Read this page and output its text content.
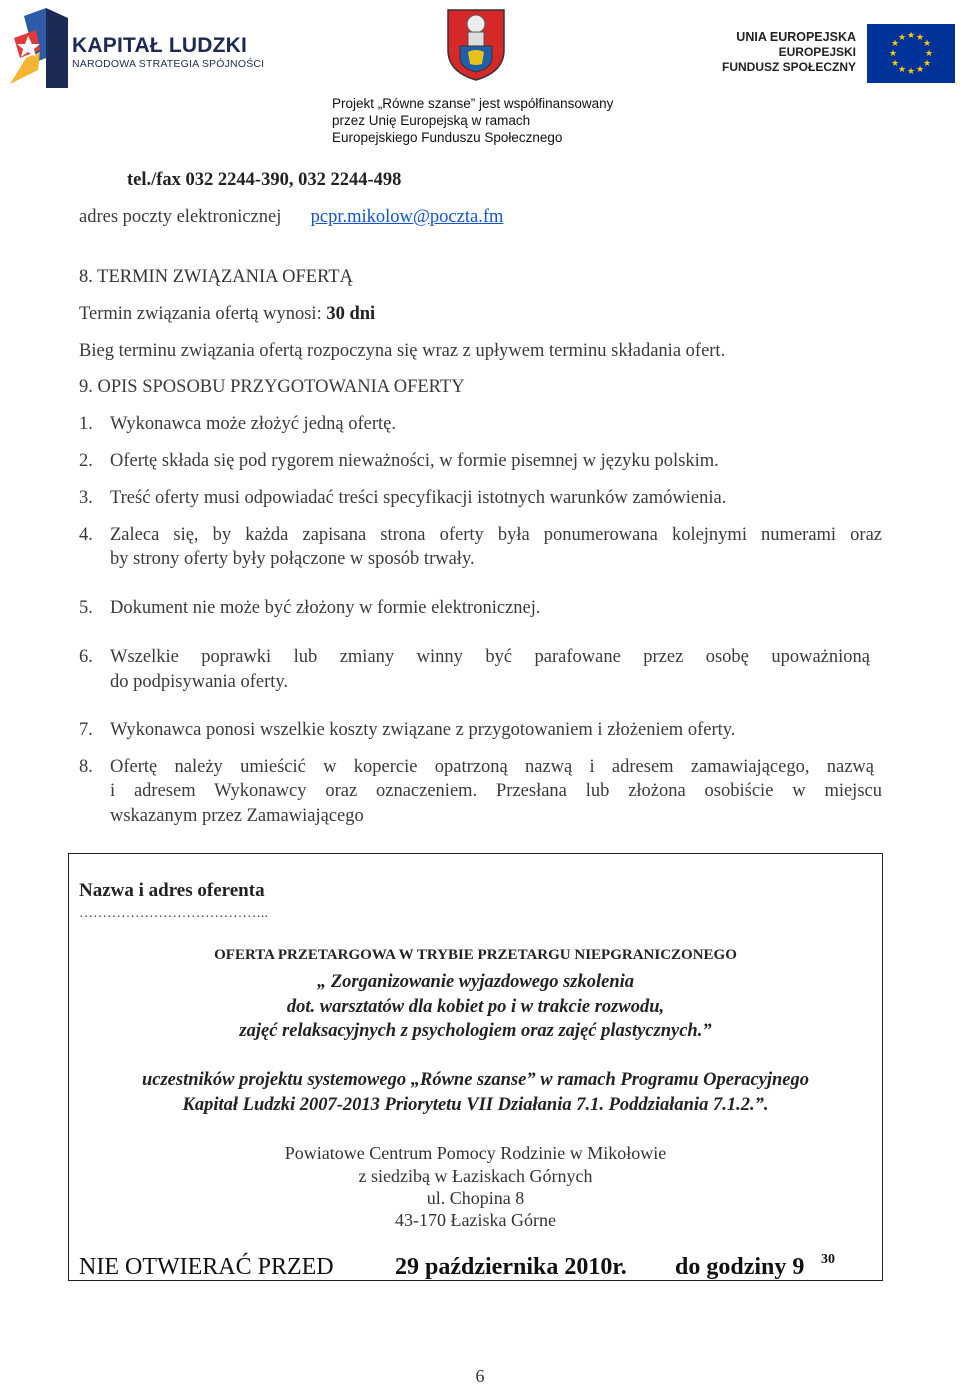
KAPITAŁ LUDZKI
NARODOWA STRATEGIA SPÓJNOŚCI
UNIA EUROPEJSKA
EUROPEJSKI
FUNDUSZ SPOŁECZNY
★ ★
★
★
★
★
★
★
★
★
★
★
Projekt „Równe szanse” jest współfinansowany
przez Unię Europejską w ramach
Europejskiego Funduszu Społecznego
tel./fax 032 2244-390, 032 2244-498
adres poczty elektronicznej pcpr.mikolow@poczta.fm
8. TERMIN ZWIĄZANIA OFERTĄ
Termin związania ofertą wynosi: 30 dni
Bieg terminu związania ofertą rozpoczyna się wraz z upływem terminu składania ofert.
9. OPIS SPOSOBU PRZYGOTOWANIA OFERTY
1. Wykonawca może złożyć jedną ofertę.
2. Ofertę składa się pod rygorem nieważności, w formie pisemnej w języku polskim.
3. Treść oferty musi odpowiadać treści specyfikacji istotnych warunków zamówienia.
4. Zaleca się, by każda zapisana strona oferty była ponumerowana kolejnymi numerami oraz
by strony oferty były połączone w sposób trwały.
5. Dokument nie może być złożony w formie elektronicznej.
6. Wszelkie poprawki lub zmiany winny być parafowane przez osobę upoważnioną
do podpisywania oferty.
7. Wykonawca ponosi wszelkie koszty związane z przygotowaniem i złożeniem oferty.
8. Ofertę należy umieścić w kopercie opatrzoną nazwą i adresem zamawiającego, nazwą
i adresem Wykonawcy oraz oznaczeniem. Przesłana lub złożona osobiście w miejscu
wskazanym przez Zamawiającego
Nazwa i adres oferenta
…………………………………..
OFERTA PRZETARGOWA W TRYBIE PRZETARGU NIEPGRANICZONEGO
„ Zorganizowanie wyjazdowego szkolenia
dot. warsztatów dla kobiet po i w trakcie rozwodu,
zajęć relaksacyjnych z psychologiem oraz zajęć plastycznych.”
uczestników projektu systemowego „Równe szanse” w ramach Programu Operacyjnego
Kapitał Ludzki 2007-2013 Priorytetu VII Działania 7.1. Poddziałania 7.1.2.”.
Powiatowe Centrum Pomocy Rodzinie w Mikołowie
z siedzibą w Łaziskach Górnych
ul. Chopina 8
43-170 Łaziska Górne
NIE OTWIERAĆ PRZED	29 października 2010r. do godziny 9 30
6
